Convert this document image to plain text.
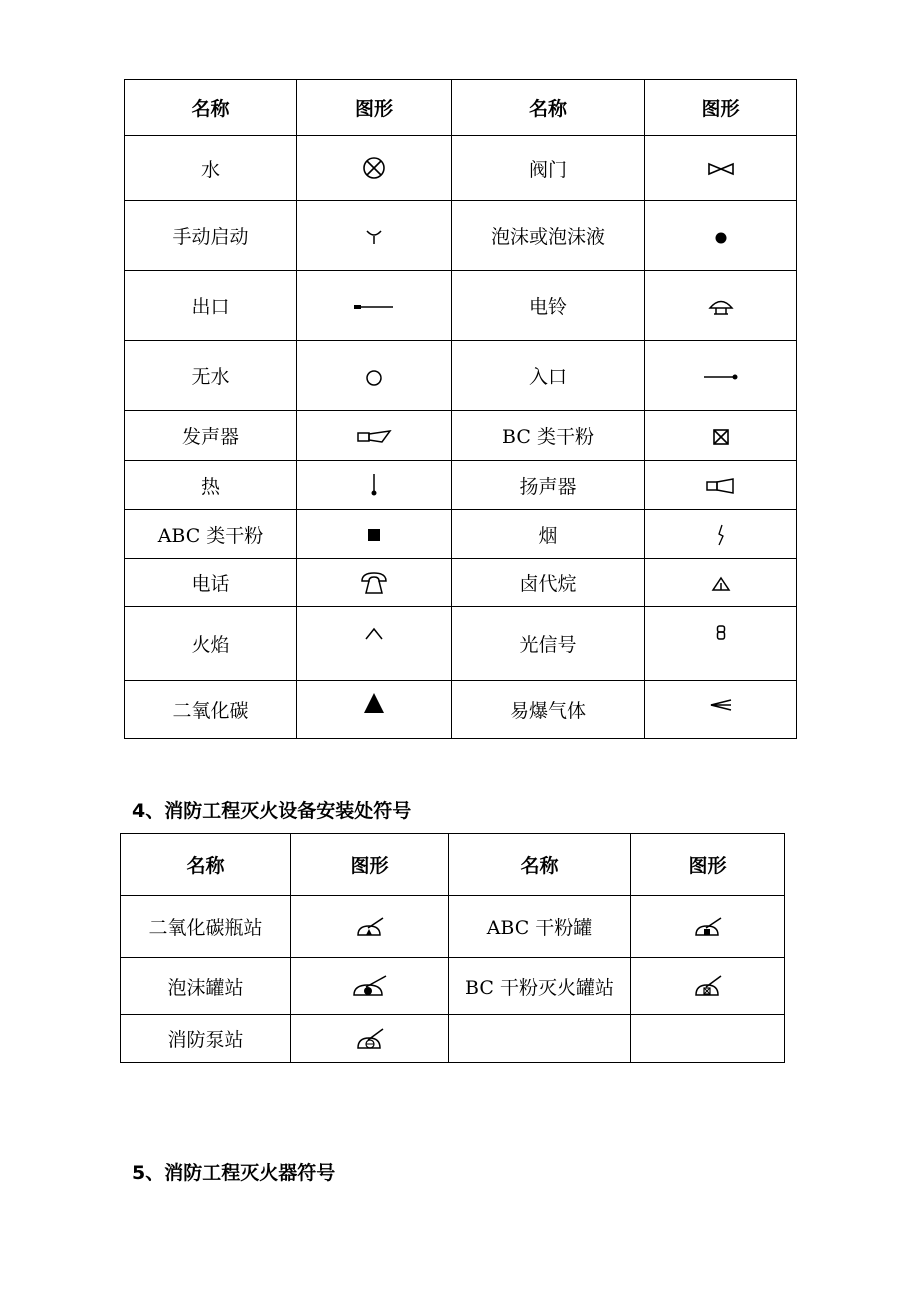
名称	图形	名称	图形
水		阀门	
手动启动		泡沫或泡沫液	
出口		电铃	
无水		入口	
发声器		BC 类干粉	
热		扬声器	
ABC 类干粉		烟	
电话		卤代烷	
火焰		光信号	
二氧化碳		易爆气体	
4、消防工程灭火设备安装处符号
名称	图形	名称	图形
二氧化碳瓶站		ABC 干粉罐	
泡沫罐站		BC 干粉灭火罐站	
消防泵站			
5、消防工程灭火器符号
